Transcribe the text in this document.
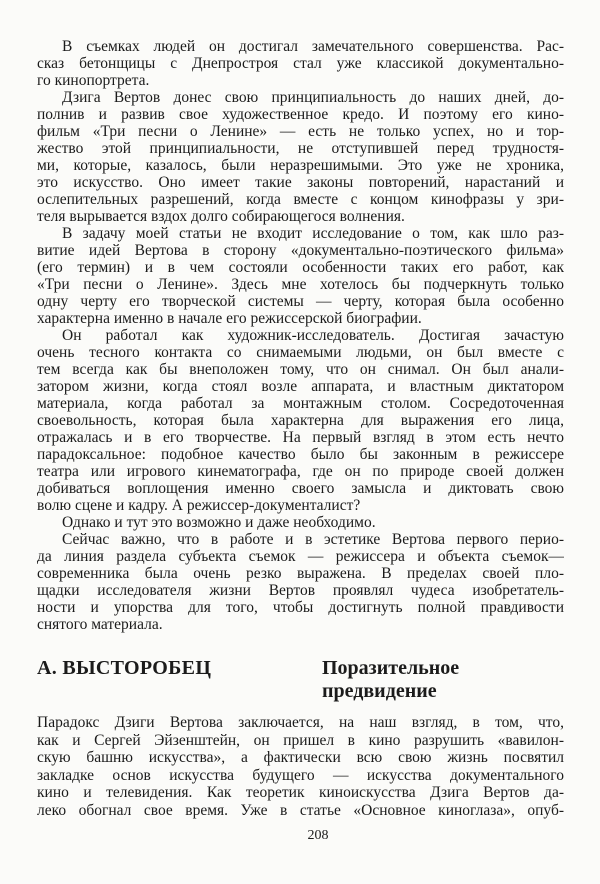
В съемках людей он достигал замечательного совершенства. Рас-
сказ бетонщицы с Днепростроя стал уже классикой документально-
го кинопортрета.
Дзига Вертов донес свою принципиальность до наших дней, до-
полнив и развив свое художественное кредо. И поэтому его кино-
фильм «Три песни о Ленине» — есть не только успех, но и тор-
жество этой принципиальности, не отступившей перед трудностя-
ми, которые, казалось, были неразрешимыми. Это уже не хроника,
это искусство. Оно имеет такие законы повторений, нарастаний и
ослепительных разрешений, когда вместе с концом кинофразы у зри-
теля вырывается вздох долго собирающегося волнения.
В задачу моей статьи не входит исследование о том, как шло раз-
витие идей Вертова в сторону «документально-поэтического фильма»
(его термин) и в чем состояли особенности таких его работ, как
«Три песни о Ленине». Здесь мне хотелось бы подчеркнуть только
одну черту его творческой системы — черту, которая была особенно
характерна именно в начале его режиссерской биографии.
Он работал как художник-исследователь. Достигая зачастую
очень тесного контакта со снимаемыми людьми, он был вместе с
тем всегда как бы внеположен тому, что он снимал. Он был анали-
затором жизни, когда стоял возле аппарата, и властным диктатором
материала, когда работал за монтажным столом. Сосредоточенная
своевольность, которая была характерна для выражения его лица,
отражалась и в его творчестве. На первый взгляд в этом есть нечто
парадоксальное: подобное качество было бы законным в режиссере
театра или игрового кинематографа, где он по природе своей должен
добиваться воплощения именно своего замысла и диктовать свою
волю сцене и кадру. А режиссер-документалист?
Однако и тут это возможно и даже необходимо.
Сейчас важно, что в работе и в эстетике Вертова первого перио-
да линия раздела субъекта съемок — режиссера и объекта съемок—
современника была очень резко выражена. В пределах своей пло-
щадки исследователя жизни Вертов проявлял чудеса изобретатель-
ности и упорства для того, чтобы достигнуть полной правдивости
снятого материала.
А. ВЫСТОРОБЕЦ	Поразительное
предвидение
Парадокс Дзиги Вертова заключается, на наш взгляд, в том, что,
как и Сергей Эйзенштейн, он пришел в кино разрушить «вавилон-
скую башню искусства», а фактически всю свою жизнь посвятил
закладке основ искусства будущего — искусства документального
кино и телевидения. Как теоретик киноискусства Дзига Вертов да-
леко обогнал свое время. Уже в статье «Основное киноглаза», опуб-
208
